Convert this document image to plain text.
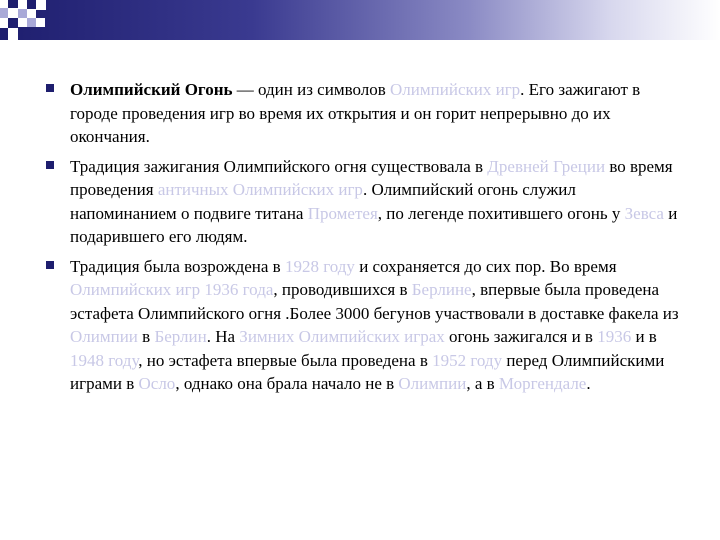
Олимпийский Огонь — один из символов Олимпийских игр. Его зажигают в городе проведения игр во время их открытия и он горит непрерывно до их окончания.
Традиция зажигания Олимпийского огня существовала в Древней Греции во время проведения античных Олимпийских игр. Олимпийский огонь служил напоминанием о подвиге титана Прометея, по легенде похитившего огонь у Зевса и подарившего его людям.
Традиция была возрождена в 1928 году и сохраняется до сих пор. Во время Олимпийских игр 1936 года, проводившихся в Берлине, впервые была проведена эстафета Олимпийского огня .Более 3000 бегунов участвовали в доставке факела из Олимпии в Берлин. На Зимних Олимпийских играх огонь зажигался и в 1936 и в 1948 году, но эстафета впервые была проведена в 1952 году перед Олимпийскими играми в Осло, однако она брала начало не в Олимпии, а в Моргендале.
